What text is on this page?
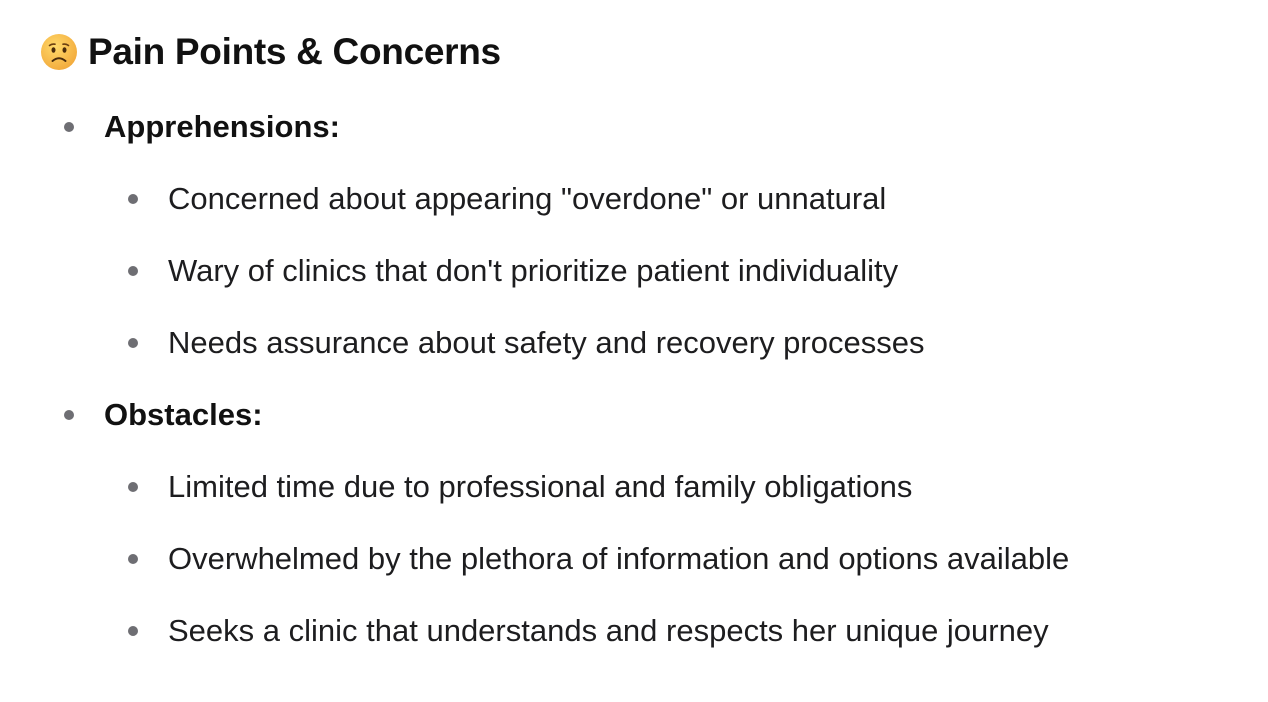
Pain Points & Concerns
Apprehensions:
Concerned about appearing "overdone" or unnatural
Wary of clinics that don't prioritize patient individuality
Needs assurance about safety and recovery processes
Obstacles:
Limited time due to professional and family obligations
Overwhelmed by the plethora of information and options available
Seeks a clinic that understands and respects her unique journey
